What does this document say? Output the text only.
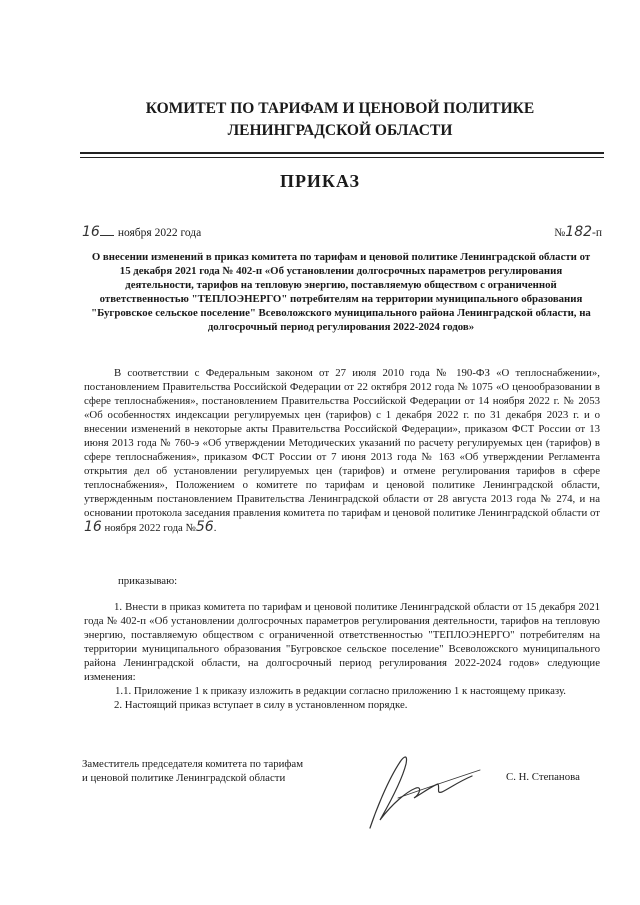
КОМИТЕТ ПО ТАРИФАМ И ЦЕНОВОЙ ПОЛИТИКЕ
ЛЕНИНГРАДСКОЙ ОБЛАСТИ
ПРИКАЗ
16 ноября 2022 года	№182-п
О внесении изменений в приказ комитета по тарифам и ценовой политике Ленинградской области от 15 декабря 2021 года № 402-п «Об установлении долгосрочных параметров регулирования деятельности, тарифов на тепловую энергию, поставляемую обществом с ограниченной ответственностью "ТЕПЛОЭНЕРГО" потребителям на территории муниципального образования "Бугровское сельское поселение" Всеволожского муниципального района Ленинградской области, на долгосрочный период регулирования 2022-2024 годов»

В соответствии с Федеральным законом от 27 июля 2010 года № 190-ФЗ «О теплоснабжении», постановлением Правительства Российской Федерации от 22 октября 2012 года № 1075 «О ценообразовании в сфере теплоснабжения», постановлением Правительства Российской Федерации от 14 ноября 2022 г. № 2053 «Об особенностях индексации регулируемых цен (тарифов) с 1 декабря 2022 г. по 31 декабря 2023 г. и о внесении изменений в некоторые акты Правительства Российской Федерации», приказом ФСТ России от 13 июня 2013 года № 760-э «Об утверждении Методических указаний по расчету регулируемых цен (тарифов) в сфере теплоснабжения», приказом ФСТ России от 7 июня 2013 года № 163 «Об утверждении Регламента открытия дел об установлении регулируемых цен (тарифов) и отмене регулирования тарифов в сфере теплоснабжения», Положением о комитете по тарифам и ценовой политике Ленинградской области, утвержденным постановлением Правительства Ленинградской области от 28 августа 2013 года № 274, и на основании протокола заседания правления комитета по тарифам и ценовой политике Ленинградской области от 16 ноября 2022 года №56.

приказываю:

1. Внести в приказ комитета по тарифам и ценовой политике Ленинградской области от 15 декабря 2021 года № 402-п «Об установлении долгосрочных параметров регулирования деятельности, тарифов на тепловую энергию, поставляемую обществом с ограниченной ответственностью "ТЕПЛОЭНЕРГО" потребителям на территории муниципального образования "Бугровское сельское поселение" Всеволожского муниципального района Ленинградской области, на долгосрочный период регулирования 2022-2024 годов» следующие изменения:

1.1. Приложение 1 к приказу изложить в редакции согласно приложению 1 к настоящему приказу.

2. Настоящий приказ вступает в силу в установленном порядке.

Заместитель председателя комитета по тарифам
и ценовой политике Ленинградской области	С. Н. Степанова
